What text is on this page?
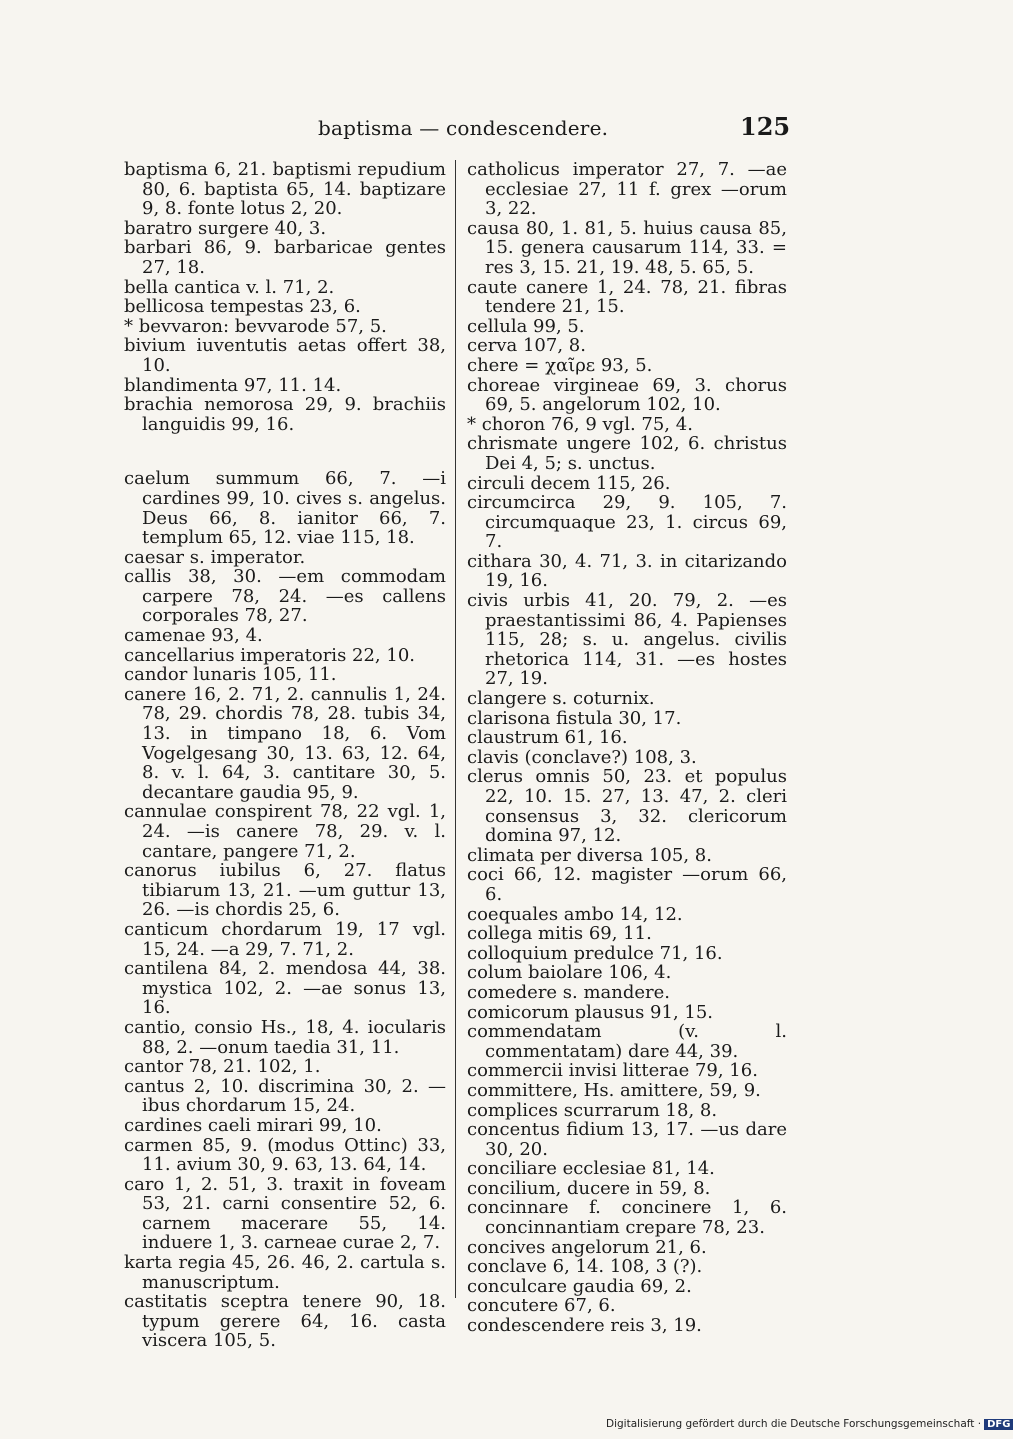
baptisma — condescendere.	125

baptisma 6, 21. baptismi repudium 80, 6. baptista 65, 14. baptizare 9, 8. fonte lotus 2, 20.

baratro surgere 40, 3.

barbari 86, 9. barbaricae gentes 27, 18.

bella cantica v. l. 71, 2.

bellicosa tempestas 23, 6.

* bevvaron: bevvarode 57, 5.

bivium iuventutis aetas offert 38, 10.

blandimenta 97, 11. 14.

brachia nemorosa 29, 9. brachiis languidis 99, 16.

caelum summum 66, 7. —i cardines 99, 10. cives s. angelus. Deus 66, 8. ianitor 66, 7. templum 65, 12. viae 115, 18.

caesar s. imperator.

callis 38, 30. —em commodam carpere 78, 24. —es callens corporales 78, 27.

camenae 93, 4.

cancellarius imperatoris 22, 10.

candor lunaris 105, 11.

canere 16, 2. 71, 2. cannulis 1, 24. 78, 29. chordis 78, 28. tubis 34, 13. in timpano 18, 6. Vom Vogelgesang 30, 13. 63, 12. 64, 8. v. l. 64, 3. cantitare 30, 5. decantare gaudia 95, 9.

cannulae conspirent 78, 22 vgl. 1, 24. —is canere 78, 29. v. l. cantare, pangere 71, 2.

canorus iubilus 6, 27. flatus tibiarum 13, 21. —um guttur 13, 26. —is chordis 25, 6.

canticum chordarum 19, 17 vgl. 15, 24. —a 29, 7. 71, 2.

cantilena 84, 2. mendosa 44, 38. mystica 102, 2. —ae sonus 13, 16.

cantio, consio Hs., 18, 4. iocularis 88, 2. —onum taedia 31, 11.

cantor 78, 21. 102, 1.

cantus 2, 10. discrimina 30, 2. —ibus chordarum 15, 24.

cardines caeli mirari 99, 10.

carmen 85, 9. (modus Ottinc) 33, 11. avium 30, 9. 63, 13. 64, 14.

caro 1, 2. 51, 3. traxit in foveam 53, 21. carni consentire 52, 6. carnem macerare 55, 14. induere 1, 3. carneae curae 2, 7.

karta regia 45, 26. 46, 2. cartula s. manuscriptum.

castitatis sceptra tenere 90, 18. typum gerere 64, 16. casta viscera 105, 5.

catholicus imperator 27, 7. —ae ecclesiae 27, 11 f. grex —orum 3, 22.

causa 80, 1. 81, 5. huius causa 85, 15. genera causarum 114, 33. = res 3, 15. 21, 19. 48, 5. 65, 5.

caute canere 1, 24. 78, 21. fibras tendere 21, 15.

cellula 99, 5.

cerva 107, 8.

chere = χαῖρε 93, 5.

choreae virgineae 69, 3. chorus 69, 5. angelorum 102, 10.

* choron 76, 9 vgl. 75, 4.

chrismate ungere 102, 6. christus Dei 4, 5; s. unctus.

circuli decem 115, 26.

circumcirca 29, 9. 105, 7. circumquaque 23, 1. circus 69, 7.

cithara 30, 4. 71, 3. in citarizando 19, 16.

civis urbis 41, 20. 79, 2. —es praestantissimi 86, 4. Papienses 115, 28; s. u. angelus. civilis rhetorica 114, 31. —es hostes 27, 19.

clangere s. coturnix.

clarisona fistula 30, 17.

claustrum 61, 16.

clavis (conclave?) 108, 3.

clerus omnis 50, 23. et populus 22, 10. 15. 27, 13. 47, 2. cleri consensus 3, 32. clericorum domina 97, 12.

climata per diversa 105, 8.

coci 66, 12. magister —orum 66, 6.

coequales ambo 14, 12.

collega mitis 69, 11.

colloquium predulce 71, 16.

colum baiolare 106, 4.

comedere s. mandere.

comicorum plausus 91, 15.

commendatam (v. l. commentatam) dare 44, 39.

commercii invisi litterae 79, 16.

committere, Hs. amittere, 59, 9.

complices scurrarum 18, 8.

concentus fidium 13, 17. —us dare 30, 20.

conciliare ecclesiae 81, 14.

concilium, ducere in 59, 8.

concinnare f. concinere 1, 6. concinnantiam crepare 78, 23.

concives angelorum 21, 6.

conclave 6, 14. 108, 3 (?).

conculcare gaudia 69, 2.

concutere 67, 6.

condescendere reis 3, 19.

Digitalisierung gefördert durch die Deutsche Forschungsgemeinschaft · DFG
